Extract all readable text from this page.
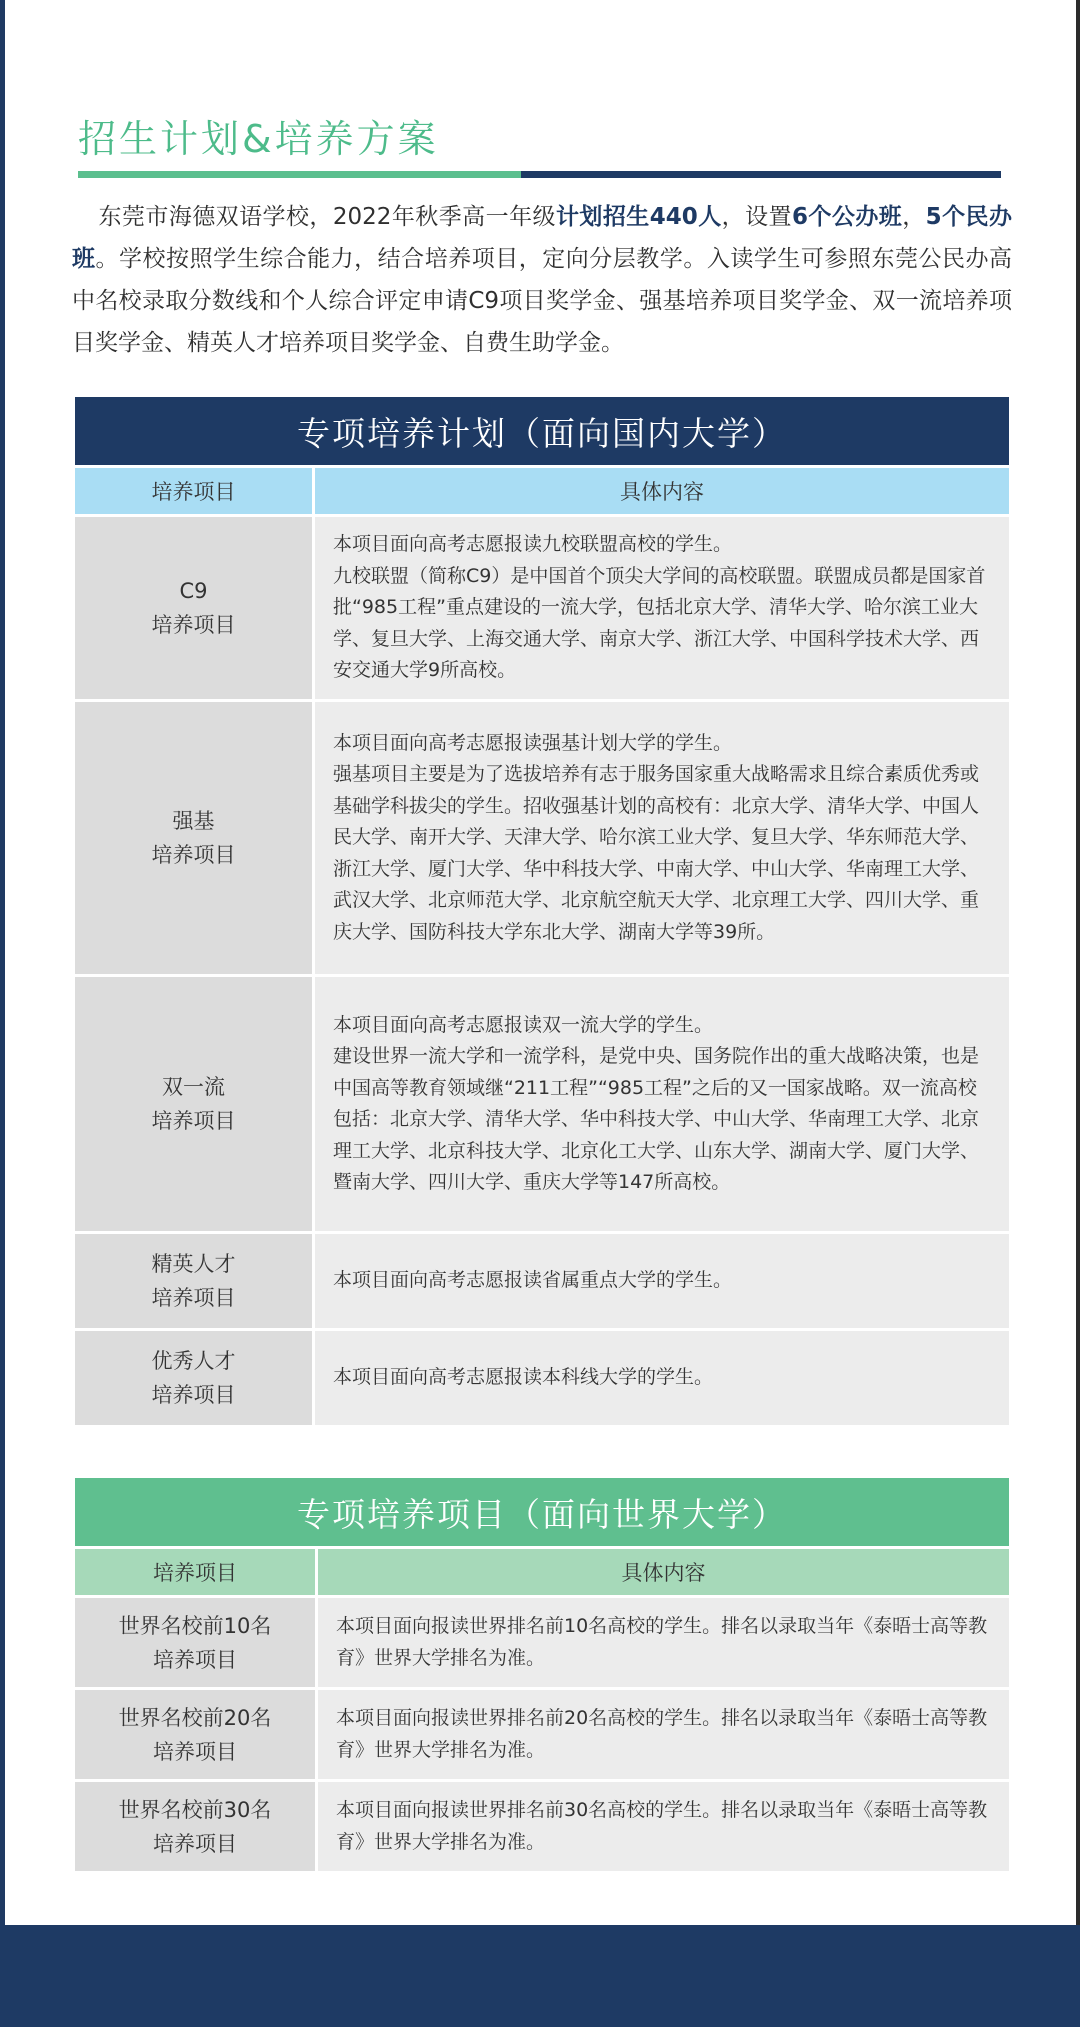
招生计划&培养方案

东莞市海德双语学校，2022年秋季高一年级计划招生440人，设置6个公办班，5个民办班。学校按照学生综合能力，结合培养项目，定向分层教学。入读学生可参照东莞公民办高中名校录取分数线和个人综合评定申请C9项目奖学金、强基培养项目奖学金、双一流培养项目奖学金、精英人才培养项目奖学金、自费生助学金。

专项培养计划（面向国内大学）
培养项目	具体内容
C9
培养项目
本项目面向高考志愿报读九校联盟高校的学生。
九校联盟（简称C9）是中国首个顶尖大学间的高校联盟。联盟成员都是国家首批“985工程”重点建设的一流大学，包括北京大学、清华大学、哈尔滨工业大学、复旦大学、上海交通大学、南京大学、浙江大学、中国科学技术大学、西安交通大学9所高校。
强基
培养项目
本项目面向高考志愿报读强基计划大学的学生。
强基项目主要是为了选拔培养有志于服务国家重大战略需求且综合素质优秀或基础学科拔尖的学生。招收强基计划的高校有：北京大学、清华大学、中国人民大学、南开大学、天津大学、哈尔滨工业大学、复旦大学、华东师范大学、浙江大学、厦门大学、华中科技大学、中南大学、中山大学、华南理工大学、武汉大学、北京师范大学、北京航空航天大学、北京理工大学、四川大学、重庆大学、国防科技大学东北大学、湖南大学等39所。
双一流
培养项目
本项目面向高考志愿报读双一流大学的学生。
建设世界一流大学和一流学科，是党中央、国务院作出的重大战略决策，也是中国高等教育领域继“211工程”“985工程”之后的又一国家战略。双一流高校包括：北京大学、清华大学、华中科技大学、中山大学、华南理工大学、北京理工大学、北京科技大学、北京化工大学、山东大学、湖南大学、厦门大学、暨南大学、四川大学、重庆大学等147所高校。
精英人才
培养项目
本项目面向高考志愿报读省属重点大学的学生。
优秀人才
培养项目
本项目面向高考志愿报读本科线大学的学生。
专项培养项目（面向世界大学）
培养项目	具体内容
世界名校前10名
培养项目
本项目面向报读世界排名前10名高校的学生。排名以录取当年《泰晤士高等教育》世界大学排名为准。
世界名校前20名
培养项目
本项目面向报读世界排名前20名高校的学生。排名以录取当年《泰晤士高等教育》世界大学排名为准。
世界名校前30名
培养项目
本项目面向报读世界排名前30名高校的学生。排名以录取当年《泰晤士高等教育》世界大学排名为准。
